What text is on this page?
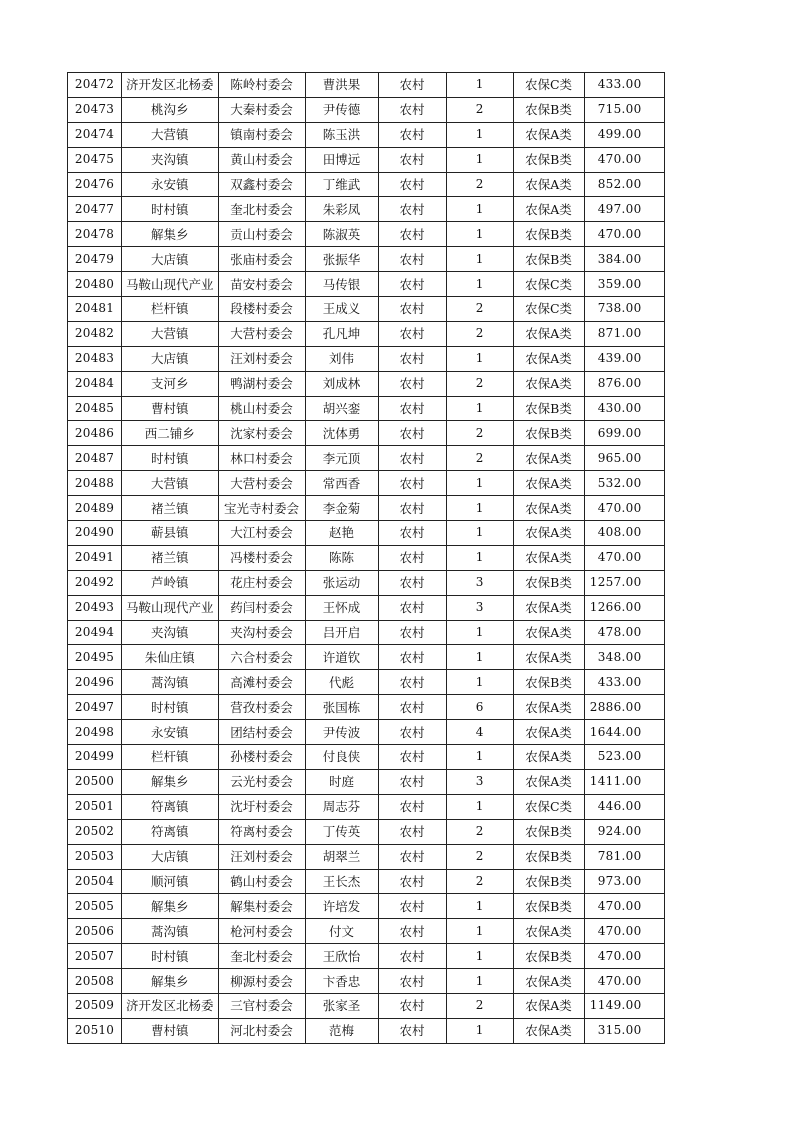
20472	济开发区北杨委	陈岭村委会	曹洪果	农村	1	农保C类	433.00
20473	桃沟乡	大秦村委会	尹传德	农村	2	农保B类	715.00
20474	大营镇	镇南村委会	陈玉洪	农村	1	农保A类	499.00
20475	夹沟镇	黄山村委会	田博远	农村	1	农保B类	470.00
20476	永安镇	双鑫村委会	丁维武	农村	2	农保A类	852.00
20477	时村镇	奎北村委会	朱彩凤	农村	1	农保A类	497.00
20478	解集乡	贡山村委会	陈淑英	农村	1	农保B类	470.00
20479	大店镇	张庙村委会	张振华	农村	1	农保B类	384.00
20480	马鞍山现代产业	苗安村委会	马传银	农村	1	农保C类	359.00
20481	栏杆镇	段楼村委会	王成义	农村	2	农保C类	738.00
20482	大营镇	大营村委会	孔凡坤	农村	2	农保A类	871.00
20483	大店镇	汪刘村委会	刘伟	农村	1	农保A类	439.00
20484	支河乡	鸭湖村委会	刘成林	农村	2	农保A类	876.00
20485	曹村镇	桃山村委会	胡兴銮	农村	1	农保B类	430.00
20486	西二铺乡	沈家村委会	沈体勇	农村	2	农保B类	699.00
20487	时村镇	林口村委会	李元顶	农村	2	农保A类	965.00
20488	大营镇	大营村委会	常西香	农村	1	农保A类	532.00
20489	褚兰镇	宝光寺村委会	李金菊	农村	1	农保A类	470.00
20490	蕲县镇	大江村委会	赵艳	农村	1	农保A类	408.00
20491	褚兰镇	冯楼村委会	陈陈	农村	1	农保A类	470.00
20492	芦岭镇	花庄村委会	张运动	农村	3	农保B类	1257.00
20493	马鞍山现代产业	药闫村委会	王怀成	农村	3	农保A类	1266.00
20494	夹沟镇	夹沟村委会	吕开启	农村	1	农保A类	478.00
20495	朱仙庄镇	六合村委会	许道钦	农村	1	农保A类	348.00
20496	蒿沟镇	高滩村委会	代彪	农村	1	农保B类	433.00
20497	时村镇	营孜村委会	张国栋	农村	6	农保A类	2886.00
20498	永安镇	团结村委会	尹传波	农村	4	农保A类	1644.00
20499	栏杆镇	孙楼村委会	付良侠	农村	1	农保A类	523.00
20500	解集乡	云光村委会	时庭	农村	3	农保A类	1411.00
20501	符离镇	沈圩村委会	周志芬	农村	1	农保C类	446.00
20502	符离镇	符离村委会	丁传英	农村	2	农保B类	924.00
20503	大店镇	汪刘村委会	胡翠兰	农村	2	农保B类	781.00
20504	顺河镇	鹤山村委会	王长杰	农村	2	农保B类	973.00
20505	解集乡	解集村委会	许培发	农村	1	农保B类	470.00
20506	蒿沟镇	枪河村委会	付文	农村	1	农保A类	470.00
20507	时村镇	奎北村委会	王欣怡	农村	1	农保B类	470.00
20508	解集乡	柳源村委会	卞香忠	农村	1	农保A类	470.00
20509	济开发区北杨委	三官村委会	张家圣	农村	2	农保A类	1149.00
20510	曹村镇	河北村委会	范梅	农村	1	农保A类	315.00
